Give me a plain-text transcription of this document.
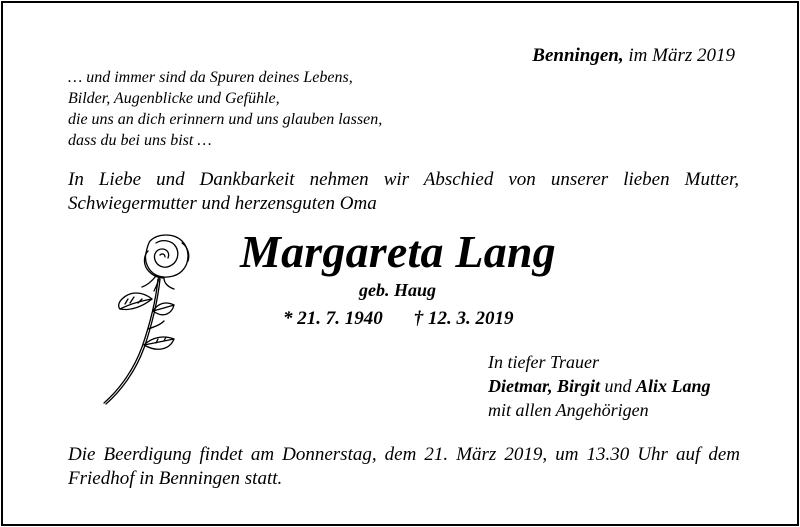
Benningen, im März 2019
… und immer sind da Spuren deines Lebens,
Bilder, Augenblicke und Gefühle,
die uns an dich erinnern und uns glauben lassen,
dass du bei uns bist …
In Liebe und Dankbarkeit nehmen wir Abschied von unserer lieben Mutter,
Schwiegermutter und herzensguten Oma
Margareta Lang
geb. Haug
* 21. 7. 1940 † 12. 3. 2019
In tiefer Trauer
Dietmar, Birgit und Alix Lang
mit allen Angehörigen
Die Beerdigung findet am Donnerstag, dem 21. März 2019, um 13.30 Uhr auf dem
Friedhof in Benningen statt.
